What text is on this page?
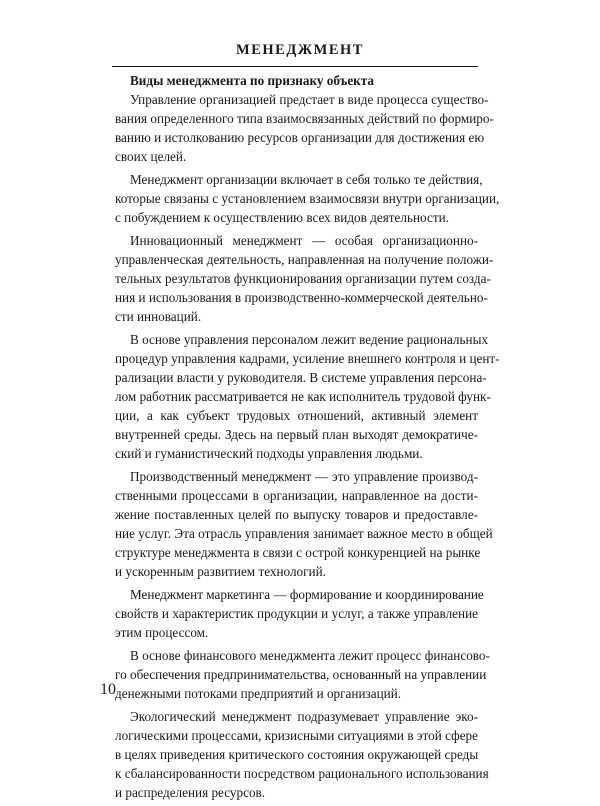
МЕНЕДЖМЕНТ
Виды менеджмента по признаку объекта
Управление организацией предстает в виде процесса существо-
вания определенного типа взаимосвязанных действий по формиро-
ванию и истолкованию ресурсов организации для достижения ею
своих целей.
Менеджмент организации включает в себя только те действия,
которые связаны с установлением взаимосвязи внутри организации,
с побуждением к осуществлению всех видов деятельности.
Инновационный менеджмент — особая организационно-
управленческая деятельность, направленная на получение положи-
тельных результатов функционирования организации путем созда-
ния и использования в производственно-коммерческой деятельно-
сти инноваций.
В основе управления персоналом лежит ведение рациональных
процедур управления кадрами, усиление внешнего контроля и цент-
рализации власти у руководителя. В системе управления персона-
лом работник рассматривается не как исполнитель трудовой функ-
ции, а как субъект трудовых отношений, активный элемент
внутренней среды. Здесь на первый план выходят демократиче-
ский и гуманистический подходы управления людьми.
Производственный менеджмент — это управление производ-
ственными процессами в организации, направленное на дости-
жение поставленных целей по выпуску товаров и предоставле-
ние услуг. Эта отрасль управления занимает важное место в общей
структуре менеджмента в связи с острой конкуренцией на рынке
и ускоренным развитием технологий.
Менеджмент маркетинга — формирование и координирование
свойств и характеристик продукции и услуг, а также управление
этим процессом.
В основе финансового менеджмента лежит процесс финансово-
го обеспечения предпринимательства, основанный на управлении
денежными потоками предприятий и организаций.
Экологический менеджмент подразумевает управление эко-
логическими процессами, кризисными ситуациями в этой сфере
в целях приведения критического состояния окружающей среды
к сбалансированности посредством рационального использования
и распределения ресурсов.
10
